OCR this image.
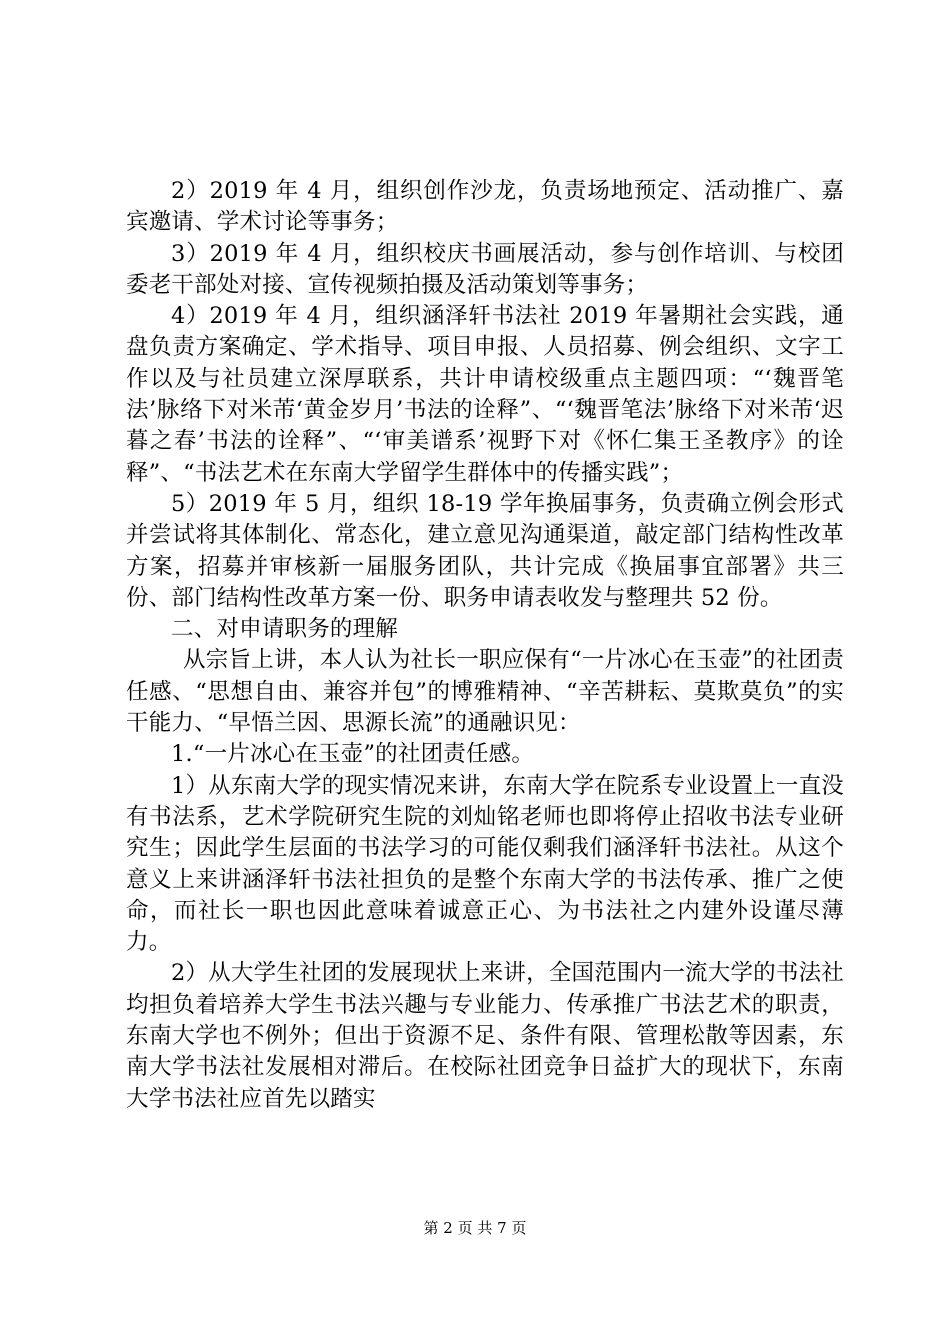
2）2019 年 4 月，组织创作沙龙，负责场地预定、活动推广、嘉宾邀请、学术讨论等事务；

3）2019 年 4 月，组织校庆书画展活动，参与创作培训、与校团委老干部处对接、宣传视频拍摄及活动策划等事务；

4）2019 年 4 月，组织涵泽轩书法社 2019 年暑期社会实践，通盘负责方案确定、学术指导、项目申报、人员招募、例会组织、文字工作以及与社员建立深厚联系，共计申请校级重点主题四项：“‘魏晋笔法’脉络下对米芾‘黄金岁月’书法的诠释”、“‘魏晋笔法’脉络下对米芾‘迟暮之春’书法的诠释”、“‘审美谱系’视野下对《怀仁集王圣教序》的诠释”、“书法艺术在东南大学留学生群体中的传播实践”；

5）2019 年 5 月，组织 18-19 学年换届事务，负责确立例会形式并尝试将其体制化、常态化，建立意见沟通渠道，敲定部门结构性改革方案，招募并审核新一届服务团队，共计完成《换届事宜部署》共三份、部门结构性改革方案一份、职务申请表收发与整理共 52 份。

二、对申请职务的理解

从宗旨上讲，本人认为社长一职应保有“一片冰心在玉壶”的社团责任感、“思想自由、兼容并包”的博雅精神、“辛苦耕耘、莫欺莫负”的实干能力、“早悟兰因、思源长流”的通融识见：

1.“一片冰心在玉壶”的社团责任感。

1）从东南大学的现实情况来讲，东南大学在院系专业设置上一直没有书法系，艺术学院研究生院的刘灿铭老师也即将停止招收书法专业研究生；因此学生层面的书法学习的可能仅剩我们涵泽轩书法社。从这个意义上来讲涵泽轩书法社担负的是整个东南大学的书法传承、推广之使命，而社长一职也因此意味着诚意正心、为书法社之内建外设谨尽薄力。

2）从大学生社团的发展现状上来讲，全国范围内一流大学的书法社均担负着培养大学生书法兴趣与专业能力、传承推广书法艺术的职责，东南大学也不例外；但出于资源不足、条件有限、管理松散等因素，东南大学书法社发展相对滞后。在校际社团竞争日益扩大的现状下，东南大学书法社应首先以踏实

第 2 页 共 7 页
